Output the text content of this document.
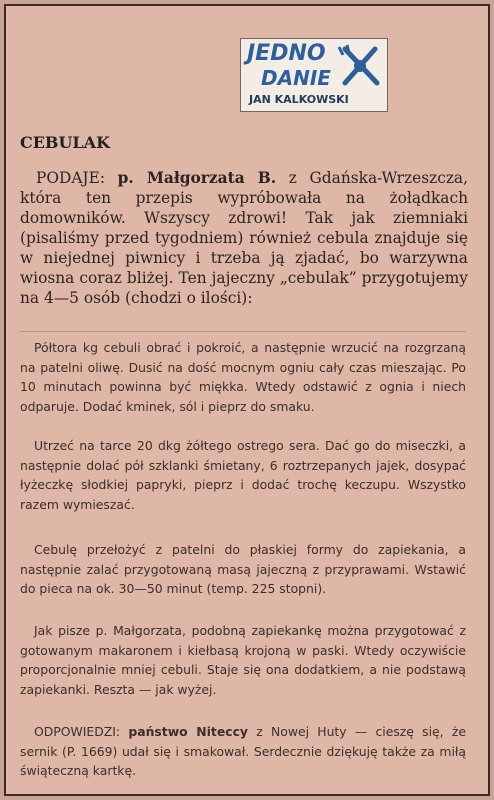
JEDNO
DANIE
JAN KALKOWSKI
CEBULAK
PODAJE: p. Małgorzata B. z Gdańska-Wrzeszcza, która ten przepis wypróbowała na żołądkach domowników. Wszyscy zdrowi! Tak jak ziemniaki (pisaliśmy przed tygodniem) również cebula znajduje się w niejednej piwnicy i trzeba ją zjadać, bo warzywna wiosna coraz bliżej. Ten jajeczny „cebulak” przygotujemy na 4—5 osób (chodzi o ilości):
Półtora kg cebuli obrać i pokroić, a następnie wrzucić na rozgrzaną na patelni oliwę. Dusić na dość mocnym ogniu cały czas mieszając. Po 10 minutach powinna być miękka. Wtedy odstawić z ognia i niech odparuje. Dodać kminek, sól i pieprz do smaku.
Utrzeć na tarce 20 dkg żółtego ostrego sera. Dać go do miseczki, a następnie dolać pół szklanki śmietany, 6 roztrzepanych jajek, dosypać łyżeczkę słodkiej papryki, pieprz i dodać trochę keczupu. Wszystko razem wymieszać.
Cebulę przełożyć z patelni do płaskiej formy do zapiekania, a następnie zalać przygotowaną masą jajeczną z przyprawami. Wstawić do pieca na ok. 30—50 minut (temp. 225 stopni).
Jak pisze p. Małgorzata, podobną zapiekankę można przygotować z gotowanym makaronem i kiełbasą krojoną w paski. Wtedy oczywiście proporcjonalnie mniej cebuli. Staje się ona dodatkiem, a nie podstawą zapiekanki. Reszta — jak wyżej.
ODPOWIEDZI: państwo Niteccy z Nowej Huty — cieszę się, że sernik (P. 1669) udał się i smakował. Serdecznie dziękuję także za miłą świąteczną kartkę.
